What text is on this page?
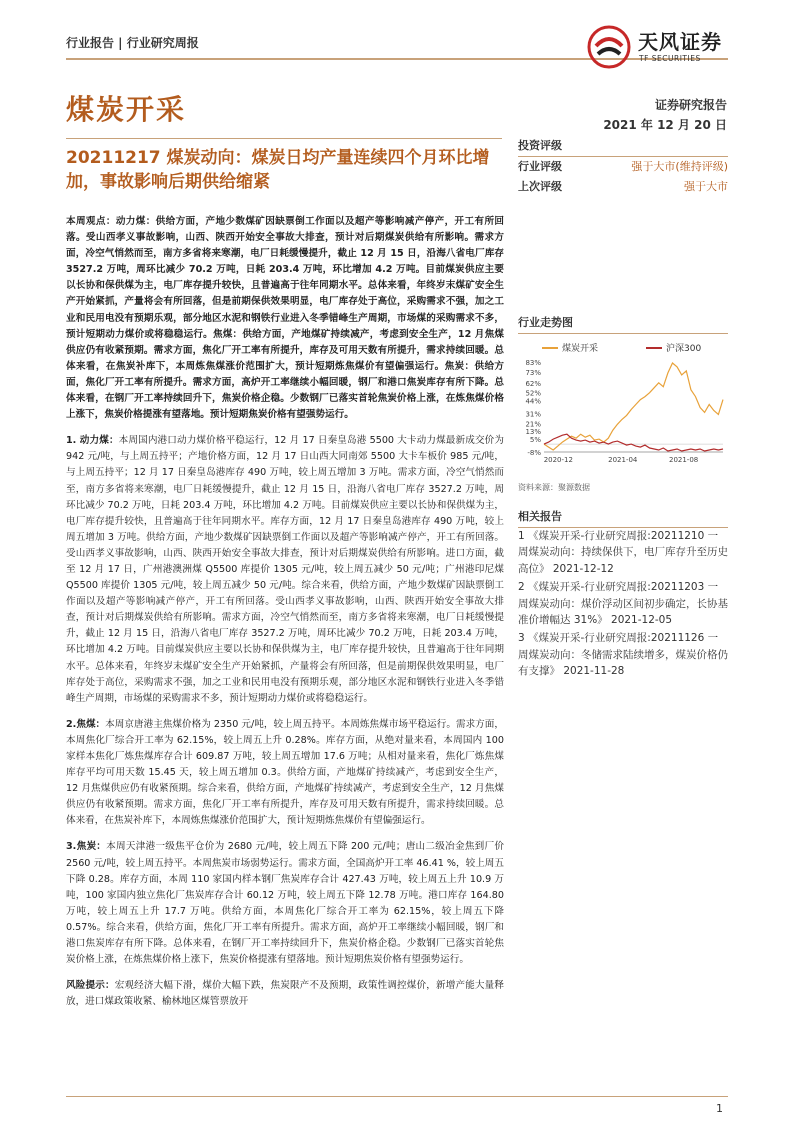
行业报告 | 行业研究周报	天风证券
TF SECURITIES
煤炭开采	证券研究报告
2021 年 12 月 20 日
20211217 煤炭动向：煤炭日均产量连续四个月环比增加，事故影响后期供给缩紧
投资评级
行业评级	强于大市(维持评级)
上次评级	强于大市

本周观点：动力煤：供给方面，产地少数煤矿因缺票倒工作面以及超产等影响减产停产，开工有所回落。受山西孝义事故影响，山西、陕西开始安全事故大排查，预计对后期煤炭供给有所影响。需求方面，冷空气悄然而至，南方多省将来寒潮，电厂日耗缓慢提升，截止 12 月 15 日，沿海八省电厂库存 3527.2 万吨，周环比减少 70.2 万吨，日耗 203.4 万吨，环比增加 4.2 万吨。目前煤炭供应主要以长协和保供煤为主，电厂库存提升较快，且普遍高于往年同期水平。总体来看，年终岁末煤矿安全生产开始紧抓，产量将会有所回落，但是前期保供效果明显，电厂库存处于高位，采购需求不强，加之工业和民用电没有预期乐观，部分地区水泥和钢铁行业进入冬季错峰生产周期，市场煤的采购需求不多，预计短期动力煤价或将稳稳运行。焦煤：供给方面，产地煤矿持续减产，考虑到安全生产，12 月焦煤供应仍有收紧预期。需求方面，焦化厂开工率有所提升，库存及可用天数有所提升，需求持续回暖。总体来看，在焦炭补库下，本周炼焦煤涨价范围扩大，预计短期炼焦煤价有望偏强运行。焦炭：供给方面，焦化厂开工率有所提升。需求方面，高炉开工率继续小幅回暖，钢厂和港口焦炭库存有所下降。总体来看，在钢厂开工率持续回升下，焦炭价格企稳。少数钢厂已落实首轮焦炭价格上涨，在炼焦煤价格上涨下，焦炭价格提涨有望落地。预计短期焦炭价格有望强势运行。

1. 动力煤：本周国内港口动力煤价格平稳运行，12 月 17 日秦皇岛港 5500 大卡动力煤最新成交价为 942 元/吨，与上周五持平；产地价格方面，12 月 17 日山西大同南郊 5500 大卡车板价 985 元/吨，与上周五持平；12 月 17 日秦皇岛港库存 490 万吨，较上周五增加 3 万吨。需求方面，冷空气悄然而至，南方多省将来寒潮，电厂日耗缓慢提升，截止 12 月 15 日，沿海八省电厂库存 3527.2 万吨，周环比减少 70.2 万吨，日耗 203.4 万吨，环比增加 4.2 万吨。目前煤炭供应主要以长协和保供煤为主，电厂库存提升较快，且普遍高于往年同期水平。库存方面，12 月 17 日秦皇岛港库存 490 万吨，较上周五增加 3 万吨。供给方面，产地少数煤矿因缺票倒工作面以及超产等影响减产停产，开工有所回落。受山西孝义事故影响，山西、陕西开始安全事故大排查，预计对后期煤炭供给有所影响。进口方面，截至 12 月 17 日，广州港澳洲煤 Q5500 库提价 1305 元/吨，较上周五减少 50 元/吨；广州港印尼煤 Q5500 库提价 1305 元/吨，较上周五减少 50 元/吨。综合来看，供给方面，产地少数煤矿因缺票倒工作面以及超产等影响减产停产，开工有所回落。受山西孝义事故影响，山西、陕西开始安全事故大排查，预计对后期煤炭供给有所影响。需求方面，冷空气悄然而至，南方多省将来寒潮，电厂日耗缓慢提升，截止 12 月 15 日，沿海八省电厂库存 3527.2 万吨，周环比减少 70.2 万吨，日耗 203.4 万吨，环比增加 4.2 万吨。目前煤炭供应主要以长协和保供煤为主，电厂库存提升较快，且普遍高于往年同期水平。总体来看，年终岁末煤矿安全生产开始紧抓，产量将会有所回落，但是前期保供效果明显，电厂库存处于高位，采购需求不强，加之工业和民用电没有预期乐观，部分地区水泥和钢铁行业进入冬季错峰生产周期，市场煤的采购需求不多，预计短期动力煤价或将稳稳运行。

2.焦煤：本周京唐港主焦煤价格为 2350 元/吨，较上周五持平。本周炼焦煤市场平稳运行。需求方面，本周焦化厂综合开工率为 62.15%，较上周五上升 0.28%。库存方面，从绝对量来看，本周国内 100 家样本焦化厂炼焦煤库存合计 609.87 万吨，较上周五增加 17.6 万吨；从相对量来看，焦化厂炼焦煤库存平均可用天数 15.45 天，较上周五增加 0.3。供给方面，产地煤矿持续减产，考虑到安全生产，12 月焦煤供应仍有收紧预期。综合来看，供给方面，产地煤矿持续减产，考虑到安全生产，12 月焦煤供应仍有收紧预期。需求方面，焦化厂开工率有所提升，库存及可用天数有所提升，需求持续回暖。总体来看，在焦炭补库下，本周炼焦煤涨价范围扩大，预计短期炼焦煤价有望偏强运行。

3.焦炭：本周天津港一级焦平仓价为 2680 元/吨，较上周五下降 200 元/吨；唐山二级冶金焦到厂价 2560 元/吨，较上周五持平。本周焦炭市场弱势运行。需求方面，全国高炉开工率 46.41 %，较上周五下降 0.28。库存方面，本周 110 家国内样本钢厂焦炭库存合计 427.43 万吨，较上周五上升 10.9 万吨，100 家国内独立焦化厂焦炭库存合计 60.12 万吨，较上周五下降 12.78 万吨。港口库存 164.80 万吨，较上周五上升 17.7 万吨。供给方面，本周焦化厂综合开工率为 62.15%，较上周五下降 0.57%。综合来看，供给方面，焦化厂开工率有所提升。需求方面，高炉开工率继续小幅回暖，钢厂和港口焦炭库存有所下降。总体来看，在钢厂开工率持续回升下，焦炭价格企稳。少数钢厂已落实首轮焦炭价格上涨，在炼焦煤价格上涨下，焦炭价格提涨有望落地。预计短期焦炭价格有望强势运行。

风险提示：宏观经济大幅下滑，煤价大幅下跌，焦炭限产不及预期，政策性调控煤价，新增产能大量释放，进口煤政策收紧、榆林地区煤管票放开

行业走势图
煤炭开采	沪深300
83%
73%
62%
52%
44%
31%
21%
13%
5%
-8%
2020-12	2021-04	2021-08
资料来源：聚源数据
相关报告
1 《煤炭开采-行业研究周报:20211210 一周煤炭动向：持续保供下，电厂库存升至历史高位》 2021-12-12
2 《煤炭开采-行业研究周报:20211203 一周煤炭动向：煤价浮动区间初步确定，长协基准价增幅达 31%》 2021-12-05
3 《煤炭开采-行业研究周报:20211126 一周煤炭动向：冬储需求陆续增多，煤炭价格仍有支撑》 2021-11-28
1
